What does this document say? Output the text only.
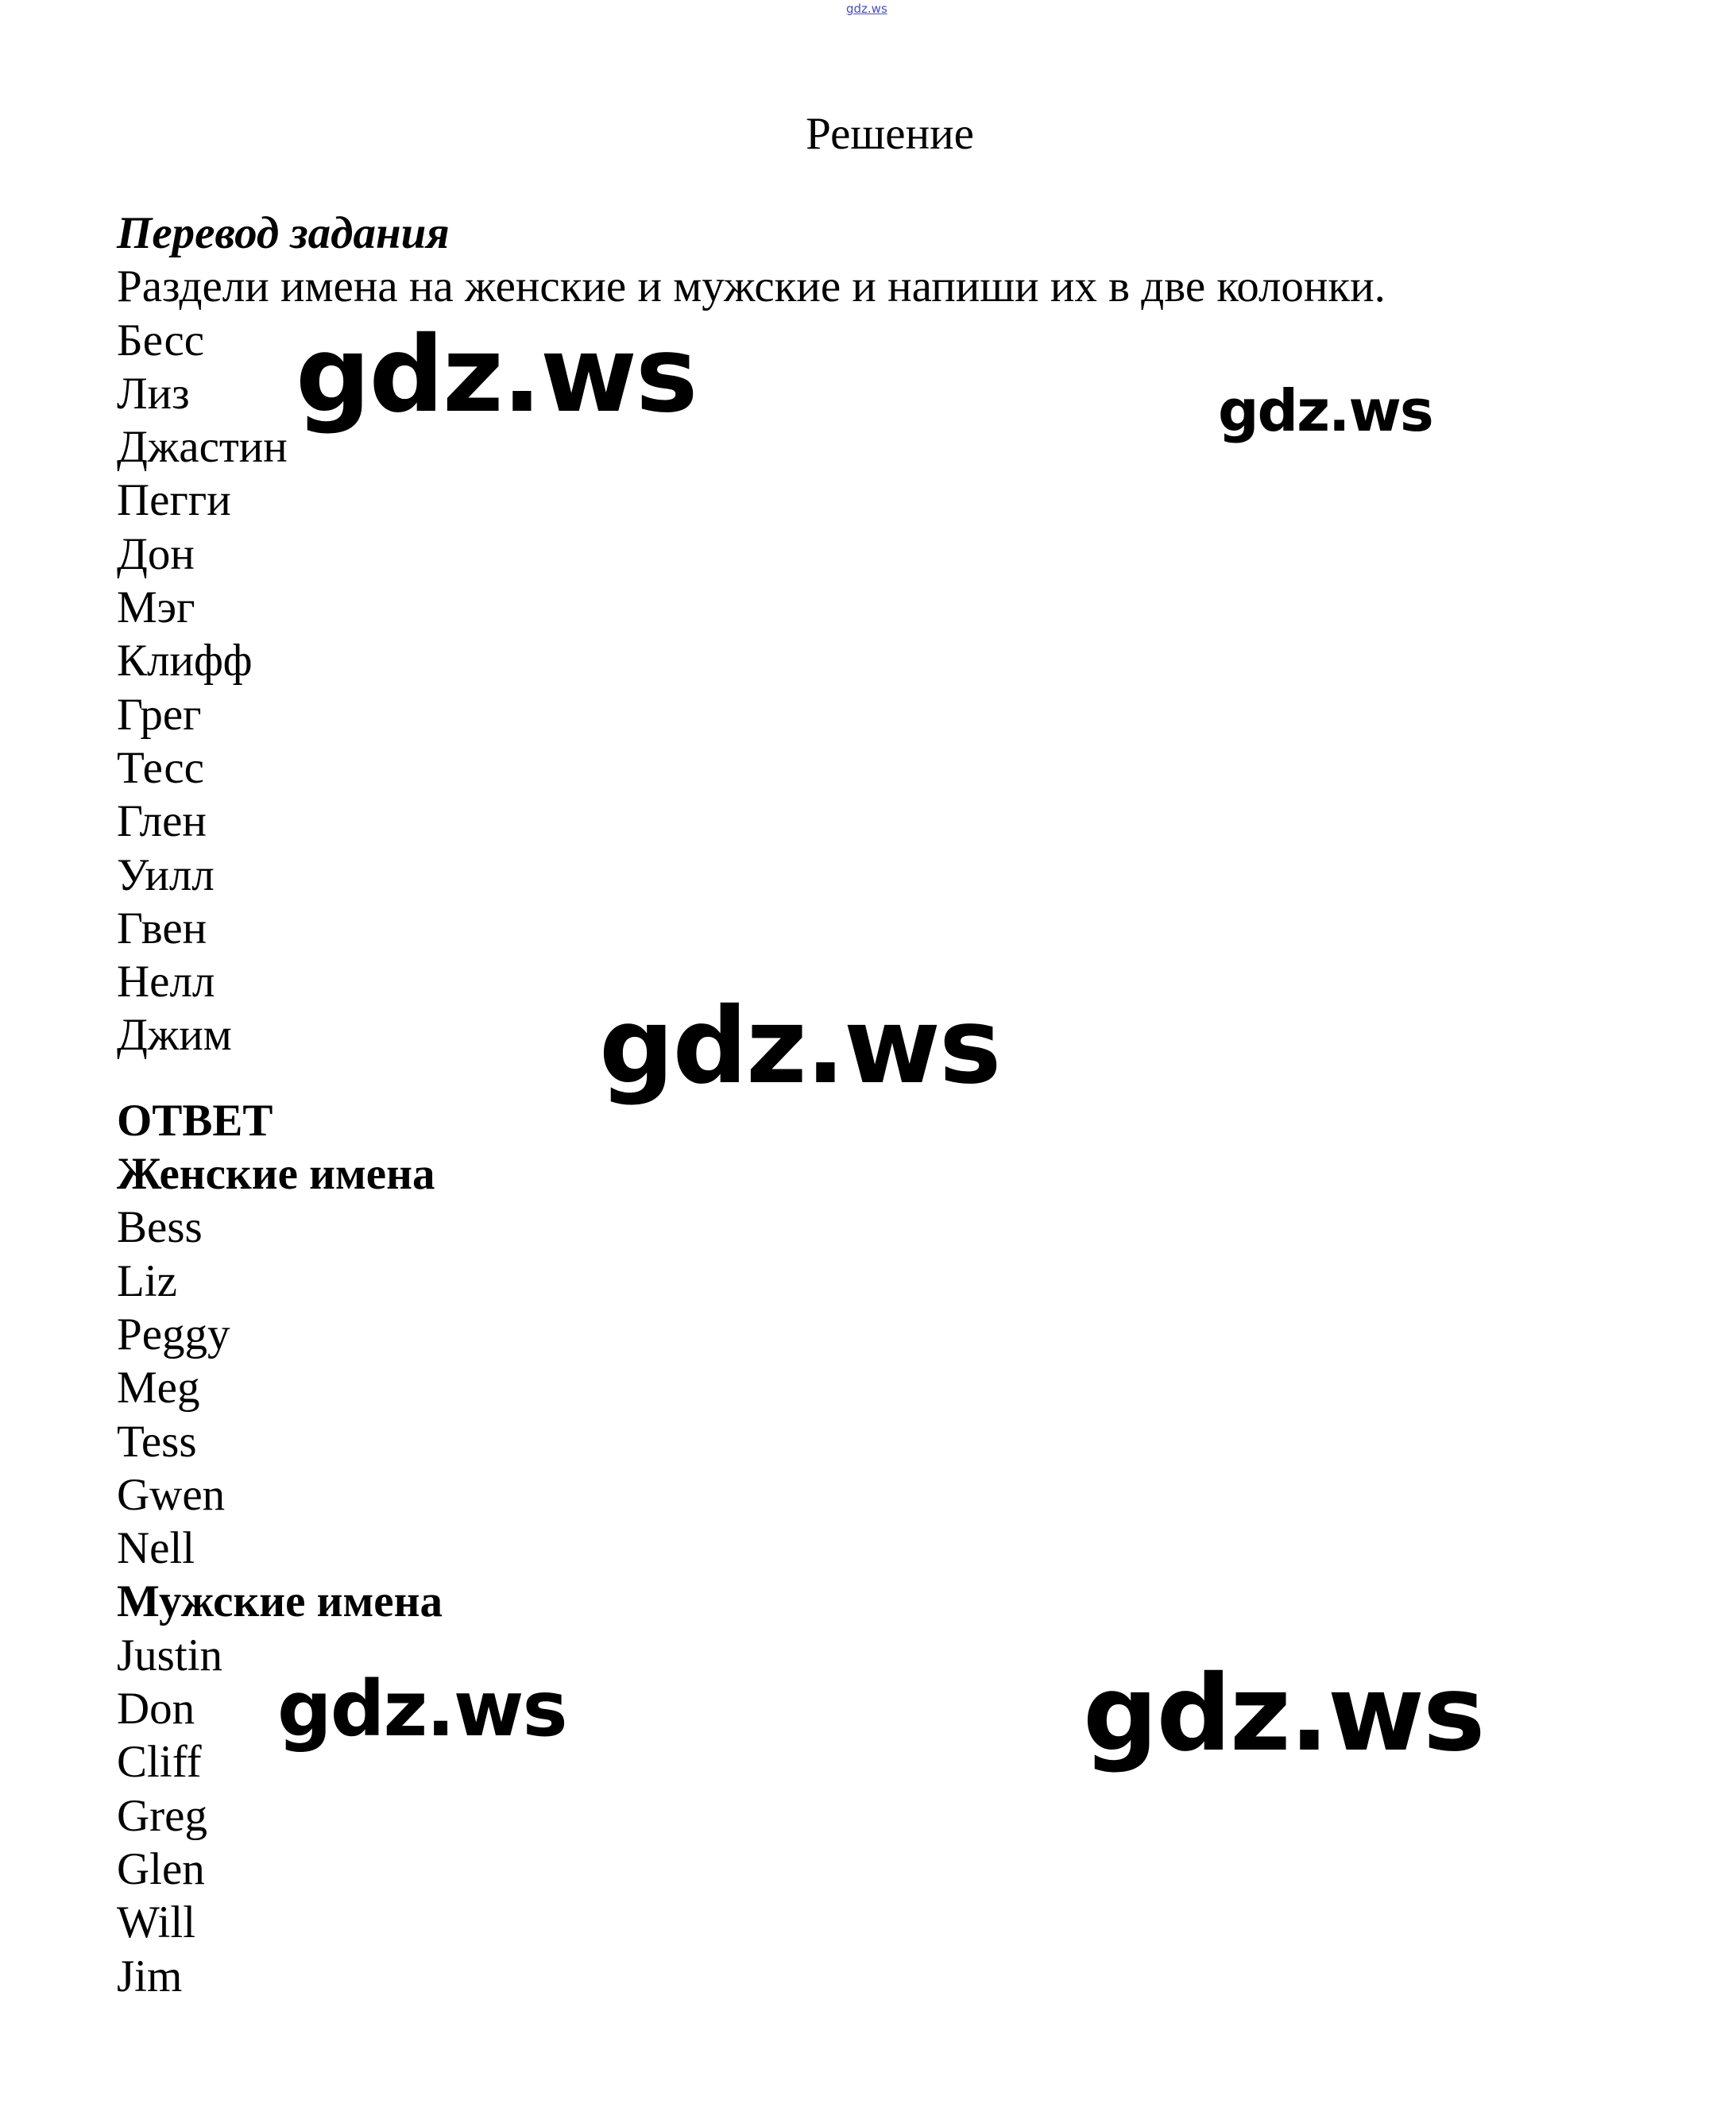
gdz.ws
Решение
Перевод задания
Раздели имена на женские и мужские и напиши их в две колонки.
Бесс
Лиз
Джастин
Пегги
Дон
Мэг
Клифф
Грег
Тесс
Глен
Уилл
Гвен
Нелл
Джим
ОТВЕТ
Женские имена
Bess
Liz
Peggy
Meg
Tess
Gwen
Nell
Мужские имена
Justin
Don
Cliff
Greg
Glen
Will
Jim
gdz.ws	gdz.ws
gdz.ws
gdz.ws	gdz.ws
